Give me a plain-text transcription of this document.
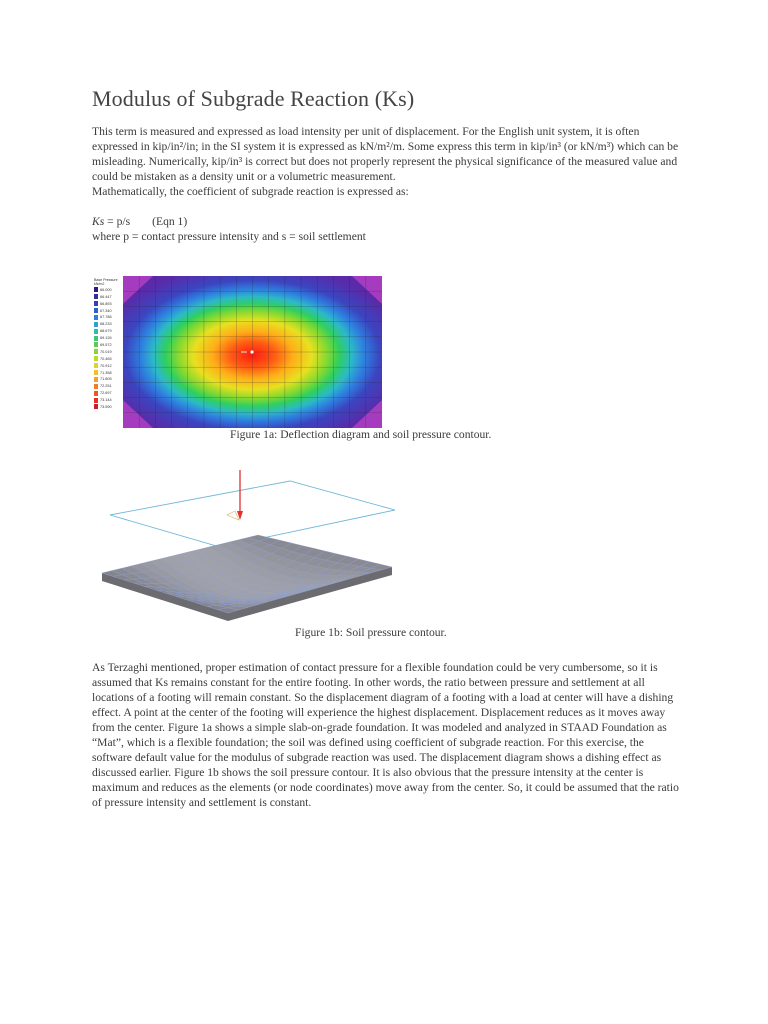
Modulus of Subgrade Reaction (Ks)

This term is measured and expressed as load intensity per unit of displacement. For the English unit system, it is often expressed in kip/in²/in; in the SI system it is expressed as kN/m²/m. Some express this term in kip/in³ (or kN/m³) which can be misleading. Numerically, kip/in³ is correct but does not properly represent the physical significance of the measured value and could be mistaken as a density unit or a volumetric measurement.

Mathematically, the coefficient of subgrade reaction is expressed as:

Ks = p/s (Eqn 1)

where p = contact pressure intensity and s = soil settlement

Base Pressure
kN/m2
66.000
66.447
66.893
67.340
67.786
68.233
68.679
69.126
69.572
70.019
70.465
70.912
71.358
71.805
72.251
72.697
73.144
73.590
Figure 1a: Deflection diagram and soil pressure contour.
Figure 1b: Soil pressure contour.

As Terzaghi mentioned, proper estimation of contact pressure for a flexible foundation could be very cumbersome, so it is assumed that Ks remains constant for the entire footing. In other words, the ratio between pressure and settlement at all locations of a footing will remain constant. So the displacement diagram of a footing with a load at center will have a dishing effect. A point at the center of the footing will experience the highest displacement. Displacement reduces as it moves away from the center. Figure 1a shows a simple slab-on-grade foundation. It was modeled and analyzed in STAAD Foundation as “Mat”, which is a flexible foundation; the soil was defined using coefficient of subgrade reaction. For this exercise, the software default value for the modulus of subgrade reaction was used. The displacement diagram shows a dishing effect as discussed earlier. Figure 1b shows the soil pressure contour. It is also obvious that the pressure intensity at the center is maximum and reduces as the elements (or node coordinates) move away from the center. So, it could be assumed that the ratio of pressure intensity and settlement is constant.
